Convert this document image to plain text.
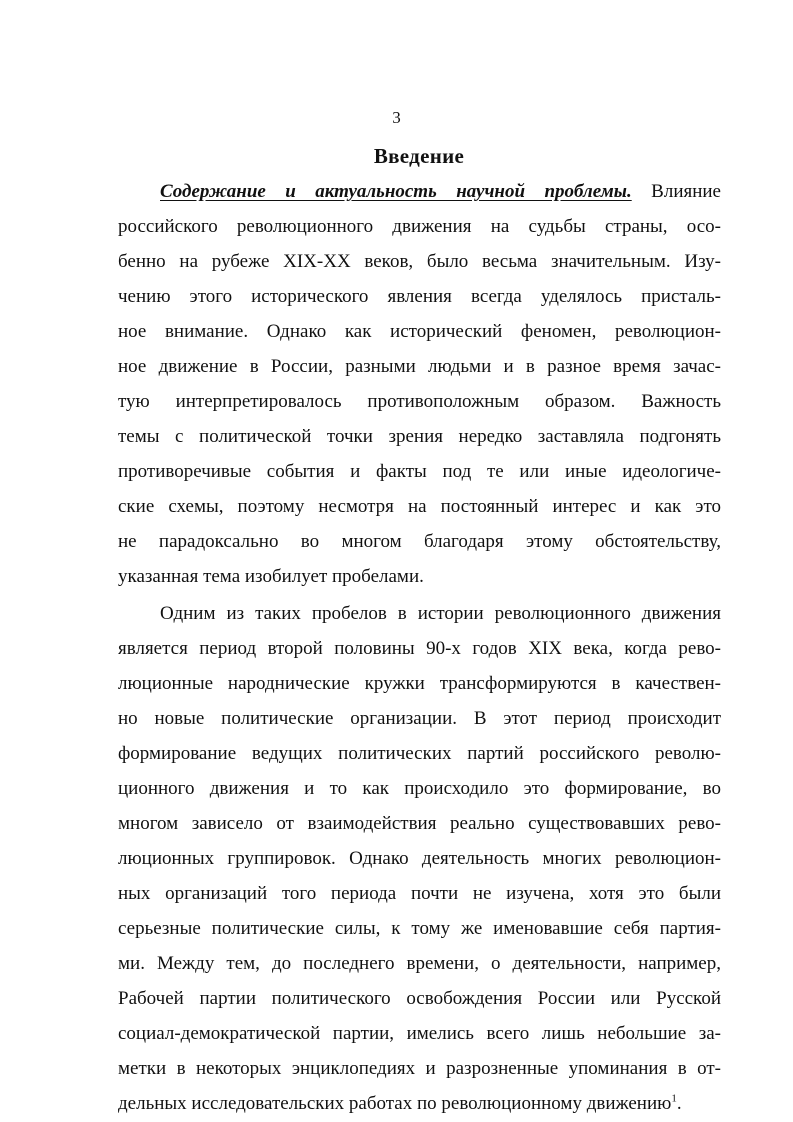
3
Введение
Содержание и актуальность научной проблемы. Влияние
российского революционного движения на судьбы страны, осо-
бенно на рубеже XIX-XX веков, было весьма значительным. Изу-
чению этого исторического явления всегда уделялось присталь-
ное внимание. Однако как исторический феномен, революцион-
ное движение в России, разными людьми и в разное время зачас-
тую интерпретировалось противоположным образом. Важность
темы с политической точки зрения нередко заставляла подгонять
противоречивые события и факты под те или иные идеологиче-
ские схемы, поэтому несмотря на постоянный интерес и как это
не парадоксально во многом благодаря этому обстоятельству,
указанная тема изобилует пробелами.
Одним из таких пробелов в истории революционного движения
является период второй половины 90-х годов XIX века, когда рево-
люционные народнические кружки трансформируются в качествен-
но новые политические организации. В этот период происходит
формирование ведущих политических партий российского револю-
ционного движения и то как происходило это формирование, во
многом зависело от взаимодействия реально существовавших рево-
люционных группировок. Однако деятельность многих революцион-
ных организаций того периода почти не изучена, хотя это были
серьезные политические силы, к тому же именовавшие себя партия-
ми. Между тем, до последнего времени, о деятельности, например,
Рабочей партии политического освобождения России или Русской
социал-демократической партии, имелись всего лишь небольшие за-
метки в некоторых энциклопедиях и разрозненные упоминания в от-
дельных исследовательских работах по революционному движению$^1$.
